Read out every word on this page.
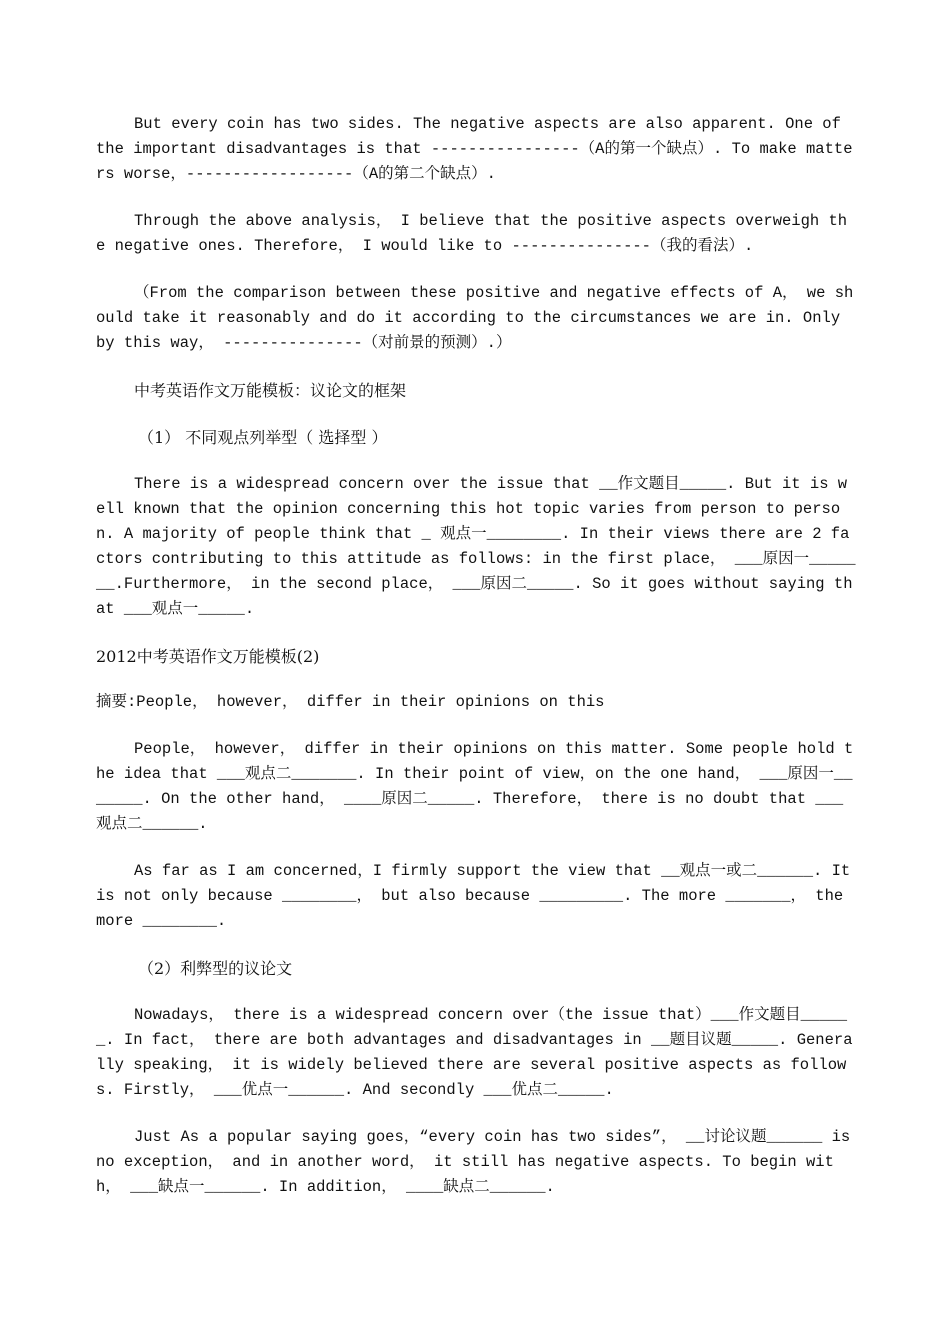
But every coin has two sides. The negative aspects are also apparent. One of the important disadvantages is that ----------------（A的第一个缺点）. To make matters worse，------------------（A的第二个缺点）.

Through the above analysis， I believe that the positive aspects overweigh the negative ones. Therefore， I would like to ---------------（我的看法）.

（From the comparison between these positive and negative effects of A， we should take it reasonably and do it according to the circumstances we are in. Only by this way， ---------------（对前景的预测）.）

中考英语作文万能模板：议论文的框架

（1） 不同观点列举型（ 选择型 ）

There is a widespread concern over the issue that __作文题目_____. But it is well known that the opinion concerning this hot topic varies from person to person. A majority of people think that _ 观点一________. In their views there are 2 factors contributing to this attitude as follows: in the first place， ___原因一_______.Furthermore， in the second place， ___原因二_____. So it goes without saying that ___观点一_____.

2012中考英语作文万能模板(2)

摘要:People， however， differ in their opinions on this

People， however， differ in their opinions on this matter. Some people hold the idea that ___观点二_______. In their point of view，on the one hand， ___原因一_______. On the other hand， ____原因二_____. Therefore， there is no doubt that ___观点二______.

As far as I am concerned，I firmly support the view that __观点一或二______. It is not only because ________， but also because _________. The more _______， the more ________.

（2）利弊型的议论文

Nowadays， there is a widespread concern over（the issue that）___作文题目______. In fact， there are both advantages and disadvantages in __题目议题_____. Generally speaking， it is widely believed there are several positive aspects as follows. Firstly， ___优点一______. And secondly ___优点二_____.

Just As a popular saying goes，“every coin has two sides”， __讨论议题______ is no exception， and in another word， it still has negative aspects. To begin with， ___缺点一______. In addition， ____缺点二______.
